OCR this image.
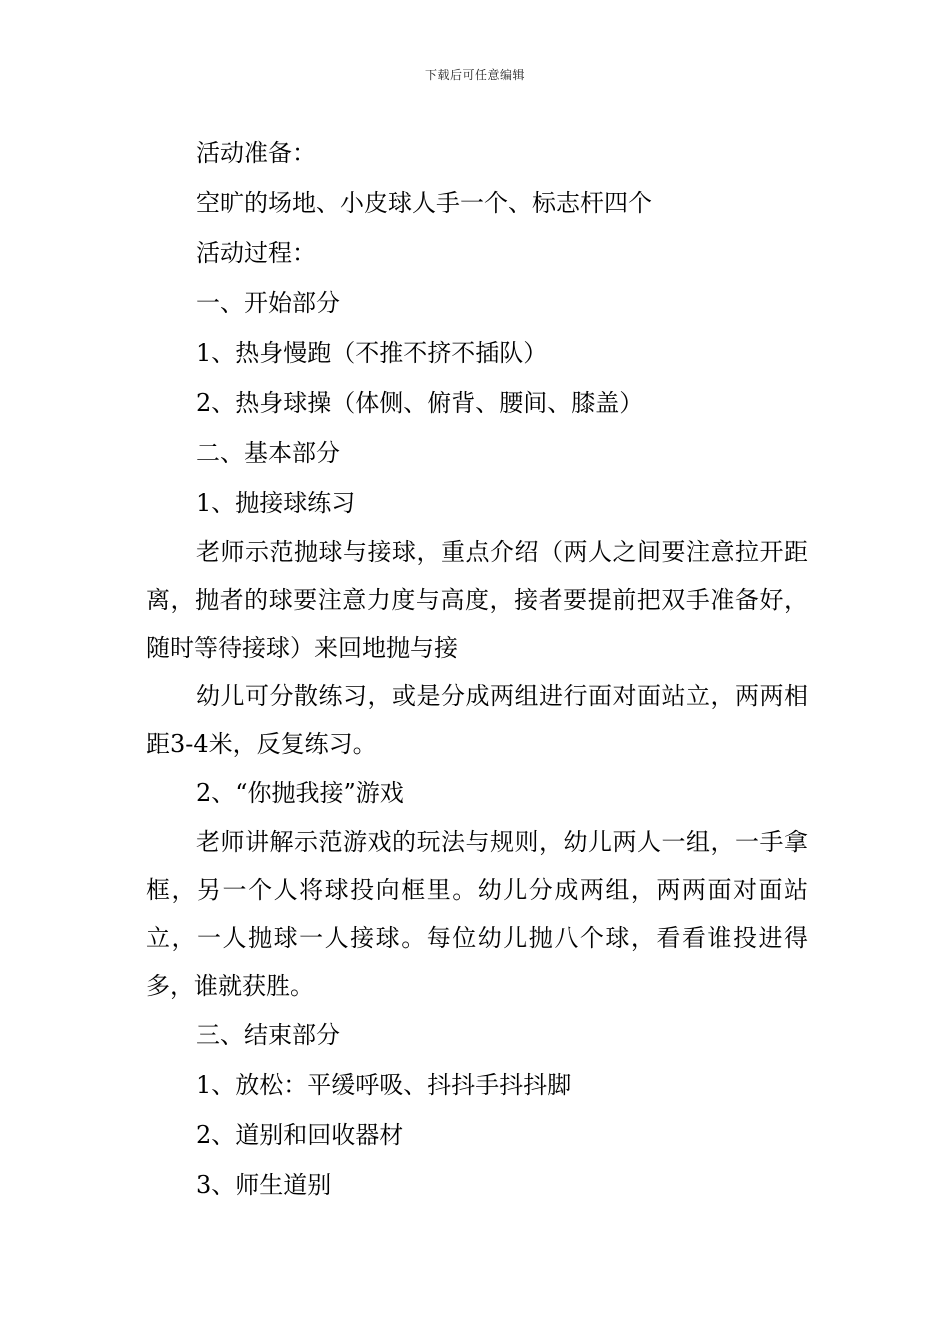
下载后可任意编辑

活动准备：

空旷的场地、小皮球人手一个、标志杆四个

活动过程：

一、开始部分

1、热身慢跑（不推不挤不插队）

2、热身球操（体侧、俯背、腰间、膝盖）

二、基本部分

1、抛接球练习

老师示范抛球与接球，重点介绍（两人之间要注意拉开距离，抛者的球要注意力度与高度，接者要提前把双手准备好，随时等待接球）来回地抛与接

幼儿可分散练习，或是分成两组进行面对面站立，两两相距3-4米，反复练习。

2、“你抛我接”游戏

老师讲解示范游戏的玩法与规则，幼儿两人一组，一手拿框，另一个人将球投向框里。幼儿分成两组，两两面对面站立，一人抛球一人接球。每位幼儿抛八个球，看看谁投进得多，谁就获胜。

三、结束部分

1、放松：平缓呼吸、抖抖手抖抖脚

2、道别和回收器材

3、师生道别
